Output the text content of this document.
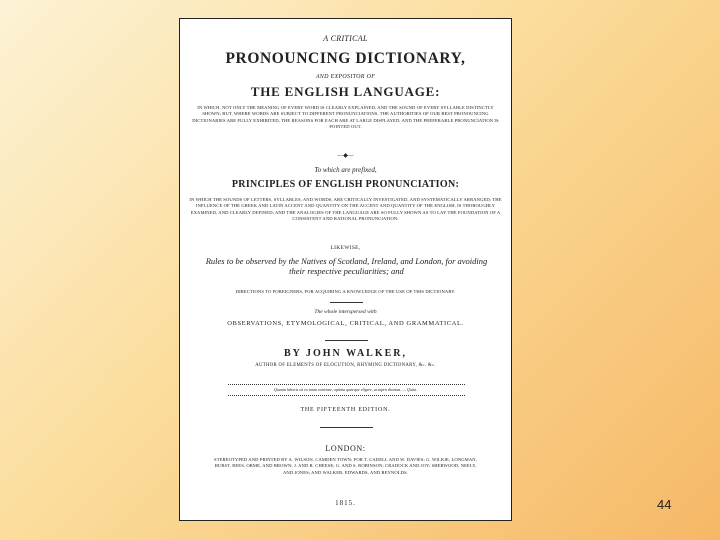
A CRITICAL
PRONOUNCING DICTIONARY,
AND EXPOSITOR OF
THE ENGLISH LANGUAGE:
IN WHICH, NOT ONLY THE MEANING OF EVERY WORD IS CLEARLY EXPLAINED, AND THE SOUND OF EVERY SYLLABLE DISTINCTLY SHOWN; BUT, WHERE WORDS ARE SUBJECT TO DIFFERENT PRONUNCIATIONS, THE AUTHORITIES OF OUR BEST PRONOUNCING DICTIONARIES ARE FULLY EXHIBITED, THE REASONS FOR EACH ARE AT LARGE DISPLAYED, AND THE PREFERABLE PRONUNCIATION IS POINTED OUT.
—◆—
To which are prefixed,
PRINCIPLES OF ENGLISH PRONUNCIATION:
IN WHICH THE SOUNDS OF LETTERS, SYLLABLES, AND WORDS, ARE CRITICALLY INVESTIGATED, AND SYSTEMATICALLY ARRANGED; THE INFLUENCE OF THE GREEK AND LATIN ACCENT AND QUANTITY ON THE ACCENT AND QUANTITY OF THE ENGLISH, IS THOROUGHLY EXAMINED, AND CLEARLY DEFINED; AND THE ANALOGIES OF THE LANGUAGE ARE SO FULLY SHOWN AS TO LAY THE FOUNDATION OF A CONSISTENT AND RATIONAL PRONUNCIATION.
LIKEWISE,
Rules to be observed by the Natives of Scotland, Ireland, and London, for avoiding their respective peculiarities; and
DIRECTIONS TO FOREIGNERS, FOR ACQUIRING A KNOWLEDGE OF THE USE OF THIS DICTIONARY.
The whole interspersed with
OBSERVATIONS, ETYMOLOGICAL, CRITICAL, AND GRAMMATICAL.
BY JOHN WALKER,
AUTHOR OF ELEMENTS OF ELOCUTION, RHYMING DICTIONARY, &c. &c.
Quanta laboris sit ex tanta varietate, optima quaeque eligere, ut supra diximus. — Quint.
THE FIFTEENTH EDITION.
LONDON:
STEREOTYPED AND PRINTED BY A. WILSON, CAMDEN TOWN; FOR T. CADELL AND W. DAVIES; G. WILKIE; LONGMAN, HURST, REES, ORME, AND BROWN; J. AND R. CHEESE; G. AND S. ROBINSON; CRADOCK AND JOY; SHERWOOD, NEELY, AND JONES; AND WALKER, EDWARDS, AND REYNOLDS.
1815.	44
